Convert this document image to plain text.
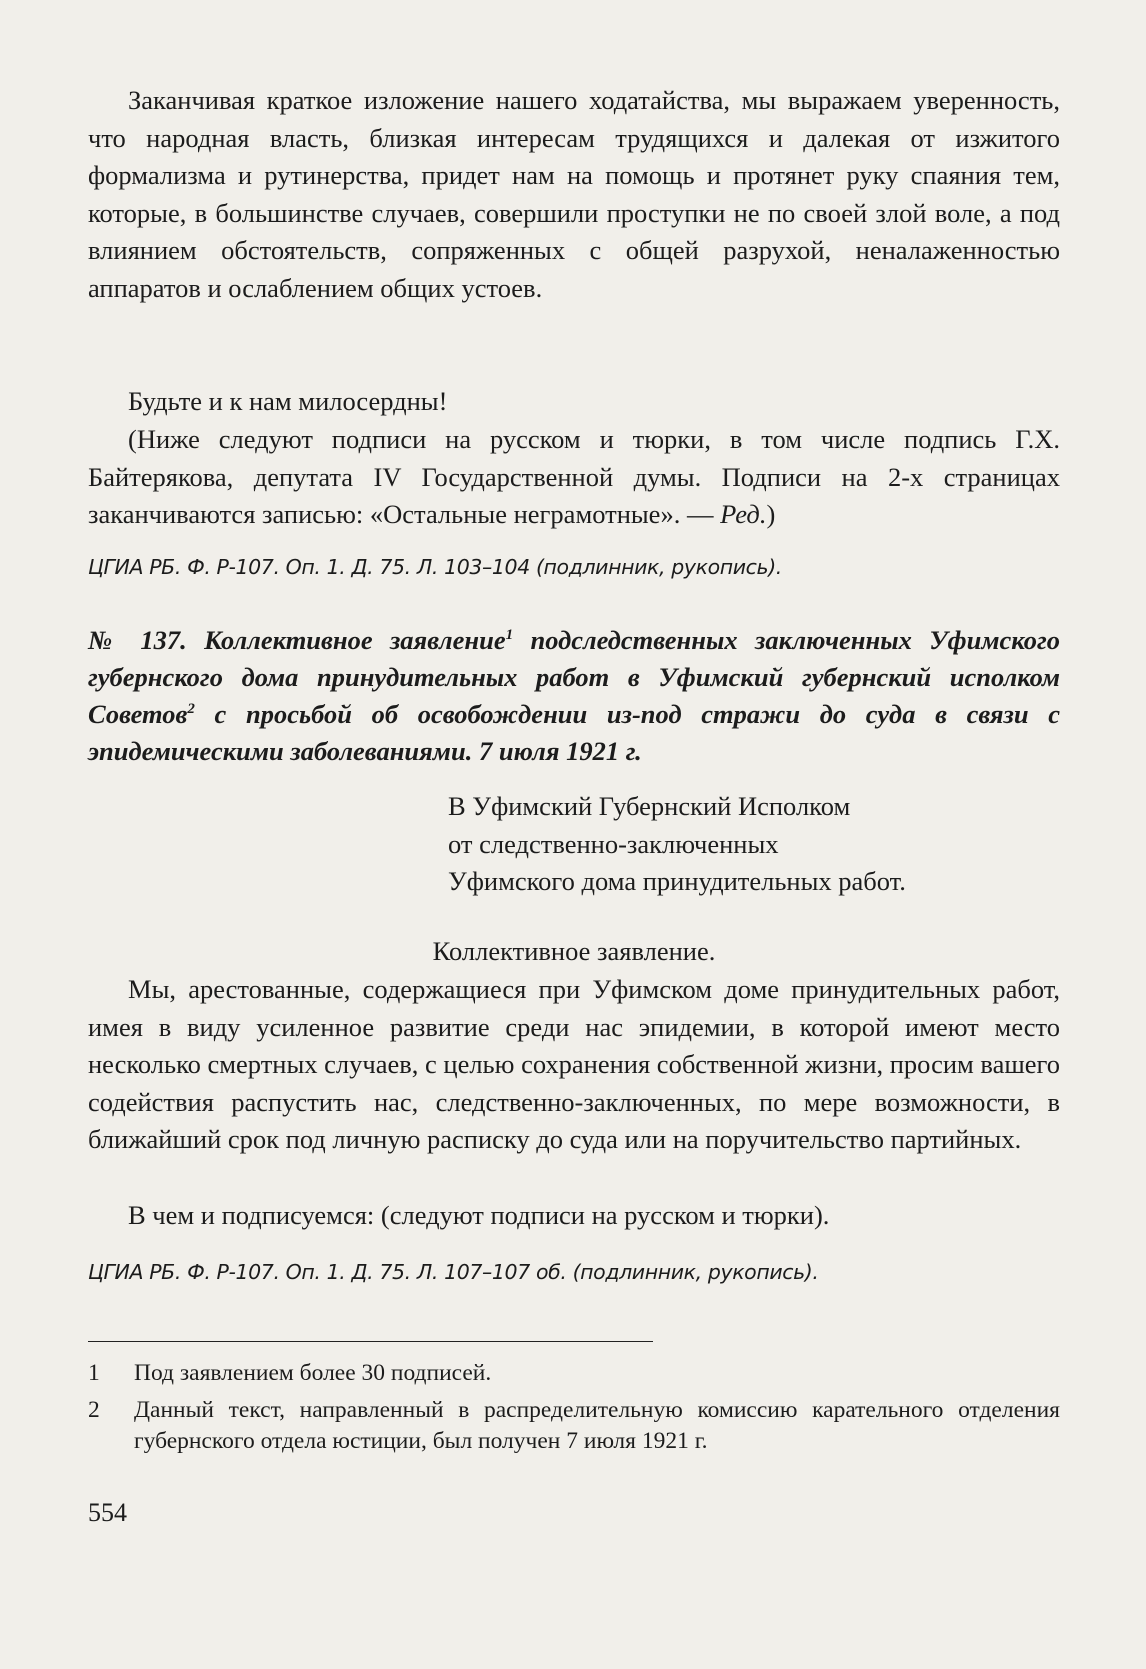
Заканчивая краткое изложение нашего ходатайства, мы выражаем уверенность, что народная власть, близкая интересам трудящихся и далекая от изжитого формализма и рутинерства, придет нам на помощь и протянет руку спаяния тем, которые, в большинстве случаев, совершили проступки не по своей злой воле, а под влиянием обстоятельств, сопряженных с общей разрухой, неналаженностью аппаратов и ослаблением общих устоев.

Будьте и к нам милосердны!

(Ниже следуют подписи на русском и тюрки, в том числе подпись Г.Х. Байтерякова, депутата IV Государственной думы. Подписи на 2-х страницах заканчиваются записью: «Остальные неграмотные». — Ред.)

ЦГИА РБ. Ф. Р-107. Оп. 1. Д. 75. Л. 103–104 (подлинник, рукопись).

№ 137. Коллективное заявление$^1$ подследственных заключенных Уфимского губернского дома принудительных работ в Уфимский губернский исполком Советов$^2$ с просьбой об освобождении из-под стражи до суда в связи с эпидемическими заболеваниями. 7 июля 1921 г.

В Уфимский Губернский Исполком

от следственно-заключенных

Уфимского дома принудительных работ.

Коллективное заявление.

Мы, арестованные, содержащиеся при Уфимском доме принудительных работ, имея в виду усиленное развитие среди нас эпидемии, в которой имеют место несколько смертных случаев, с целью сохранения собственной жизни, просим вашего содействия распустить нас, следственно-заключенных, по мере возможности, в ближайший срок под личную расписку до суда или на поручительство партийных.

В чем и подписуемся: (следуют подписи на русском и тюрки).

ЦГИА РБ. Ф. Р-107. Оп. 1. Д. 75. Л. 107–107 об. (подлинник, рукопись).

1	Под заявлением более 30 подписей.
2	Данный текст, направленный в распределительную комиссию карательного отделения губернского отдела юстиции, был получен 7 июля 1921 г.

554
